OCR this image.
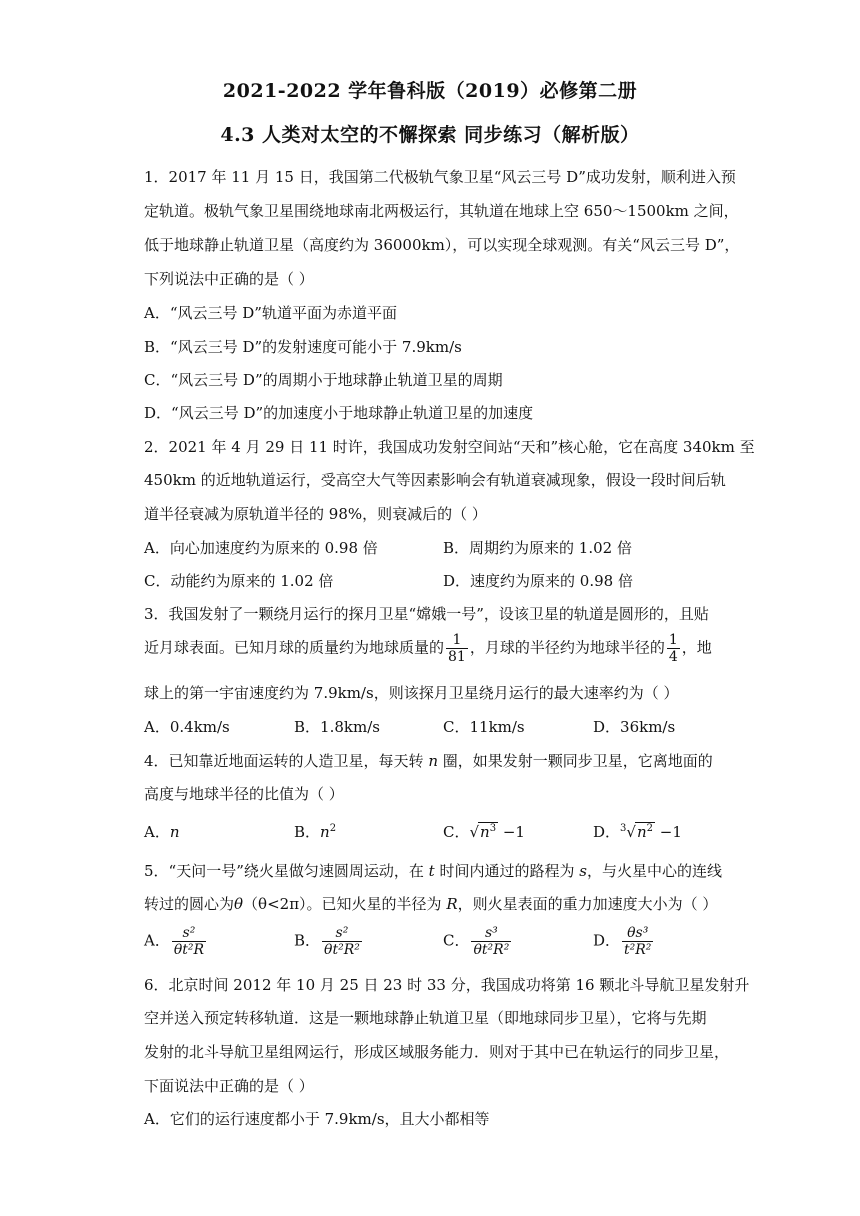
2021-2022 学年鲁科版（2019）必修第二册
4.3 人类对太空的不懈探索 同步练习（解析版）
1．2017 年 11 月 15 日，我国第二代极轨气象卫星“风云三号 D”成功发射，顺利进入预
定轨道。极轨气象卫星围绕地球南北两极运行，其轨道在地球上空 650～1500km 之间，
低于地球静止轨道卫星（高度约为 36000km），可以实现全球观测。有关“风云三号 D”，
下列说法中正确的是（ ）
A．“风云三号 D”轨道平面为赤道平面
B．“风云三号 D”的发射速度可能小于 7.9km/s
C．“风云三号 D”的周期小于地球静止轨道卫星的周期
D．“风云三号 D”的加速度小于地球静止轨道卫星的加速度
2．2021 年 4 月 29 日 11 时许，我国成功发射空间站“天和”核心舱，它在高度 340km 至
450km 的近地轨道运行，受高空大气等因素影响会有轨道衰减现象，假设一段时间后轨
道半径衰减为原轨道半径的 98%，则衰减后的（ ）
A．向心加速度约为原来的 0.98 倍	B．周期约为原来的 1.02 倍
C．动能约为原来的 1.02 倍	D．速度约为原来的 0.98 倍
3．我国发射了一颗绕月运行的探月卫星“嫦娥一号”，设该卫星的轨道是圆形的，且贴
近月球表面。已知月球的质量约为地球质量的 $\frac{1}{81}$ ，月球的半径约为地球半径的 $\frac{1}{4}$ ，地
球上的第一宇宙速度约为 7.9km/s，则该探月卫星绕月运行的最大速率约为（ ）
A．0.4km/s	B．1.8km/s	C．11km/s	D．36km/s
4．已知靠近地面运转的人造卫星，每天转 n 圈，如果发射一颗同步卫星，它离地面的
高度与地球半径的比值为（ ）
A．n	B．$n^2$	C．$√n^3 -1$	D．$^3√n^2 -1$
5．“天问一号”绕火星做匀速圆周运动，在 t 时间内通过的路程为 s，与火星中心的连线
转过的圆心为θ（θ<2π）。已知火星的半径为 R，则火星表面的重力加速度大小为（ ）
A． $\frac{\text{s²}}{\text{θt²R}}$	B． $\frac{\text{s²}}{\text{θt²R²}}$	C． $\frac{\text{s³}}{\text{θt²R²}}$	D． $\frac{\text{θs³}}{\text{t²R²}}$
6．北京时间 2012 年 10 月 25 日 23 时 33 分，我国成功将第 16 颗北斗导航卫星发射升
空并送入预定转移轨道．这是一颗地球静止轨道卫星（即地球同步卫星），它将与先期
发射的北斗导航卫星组网运行，形成区域服务能力．则对于其中已在轨运行的同步卫星，
下面说法中正确的是（ ）
A．它们的运行速度都小于 7.9km/s，且大小都相等
